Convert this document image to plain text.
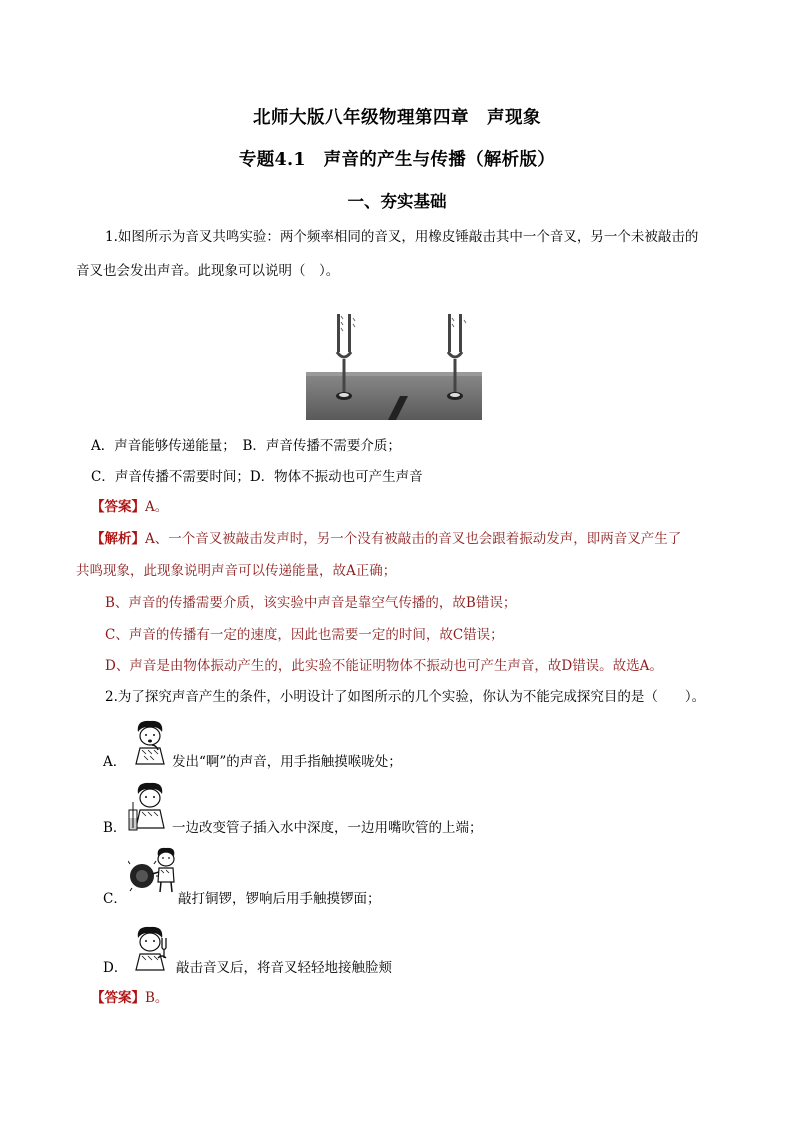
北师大版八年级物理第四章　声现象
专题4.1　声音的产生与传播（解析版）
一、夯实基础
1.如图所示为音叉共鸣实验：两个频率相同的音叉，用橡皮锤敲击其中一个音叉，另一个未被敲击的
音叉也会发出声音。此现象可以说明（　）。
A．声音能够传递能量；　B．声音传播不需要介质；
C．声音传播不需要时间；D．物体不振动也可产生声音
【答案】A。
【解析】A、一个音叉被敲击发声时，另一个没有被敲击的音叉也会跟着振动发声，即两音叉产生了
共鸣现象，此现象说明声音可以传递能量，故A正确；
B、声音的传播需要介质，该实验中声音是靠空气传播的，故B错误；
C、声音的传播有一定的速度，因此也需要一定的时间，故C错误；
D、声音是由物体振动产生的，此实验不能证明物体不振动也可产生声音，故D错误。故选A。
2.为了探究声音产生的条件，小明设计了如图所示的几个实验，你认为不能完成探究目的是（　　）。
A．	发出“啊”的声音，用手指触摸喉咙处；
B．	一边改变管子插入水中深度，一边用嘴吹管的上端；
C．	敲打铜锣，锣响后用手触摸锣面；
D．	敲击音叉后，将音叉轻轻地接触脸颊
【答案】B。
